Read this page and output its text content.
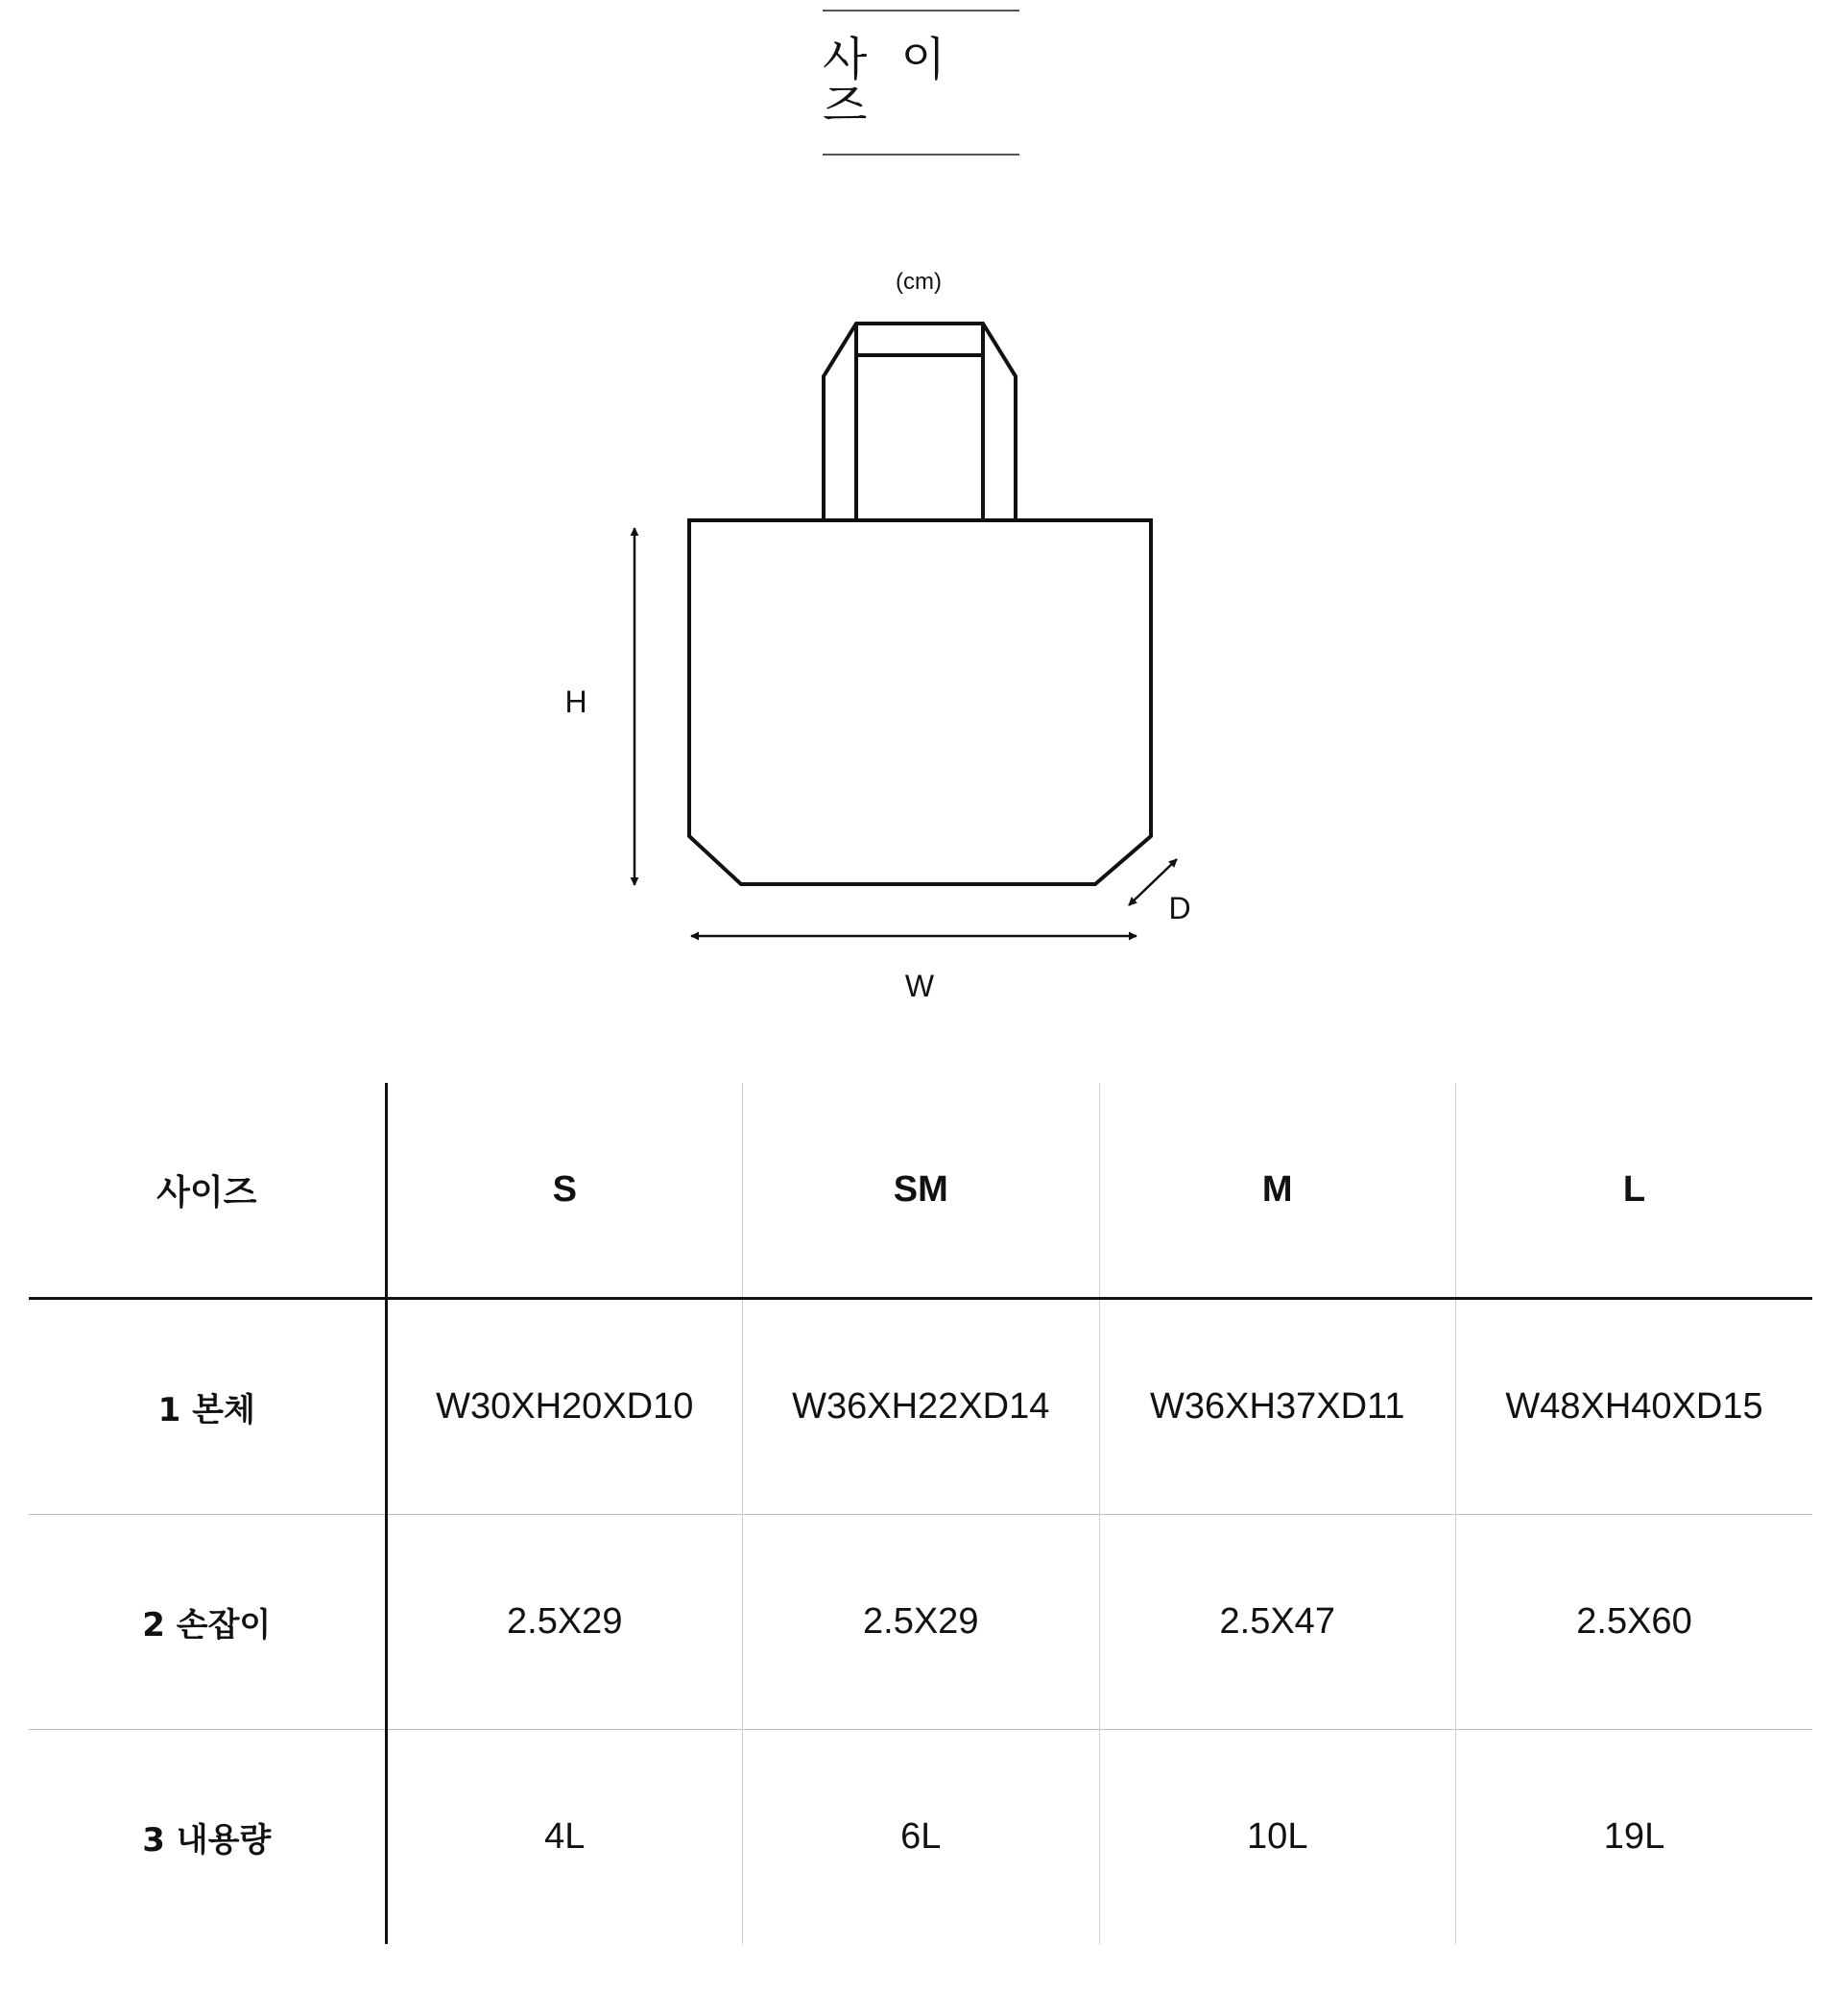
사 이 즈
(cm)
H
W
D
사이즈	S	SM	M	L
1 본체	W30XH20XD10	W36XH22XD14	W36XH37XD11	W48XH40XD15
2 손잡이	2.5X29	2.5X29	2.5X47	2.5X60
3 내용량	4L	6L	10L	19L
